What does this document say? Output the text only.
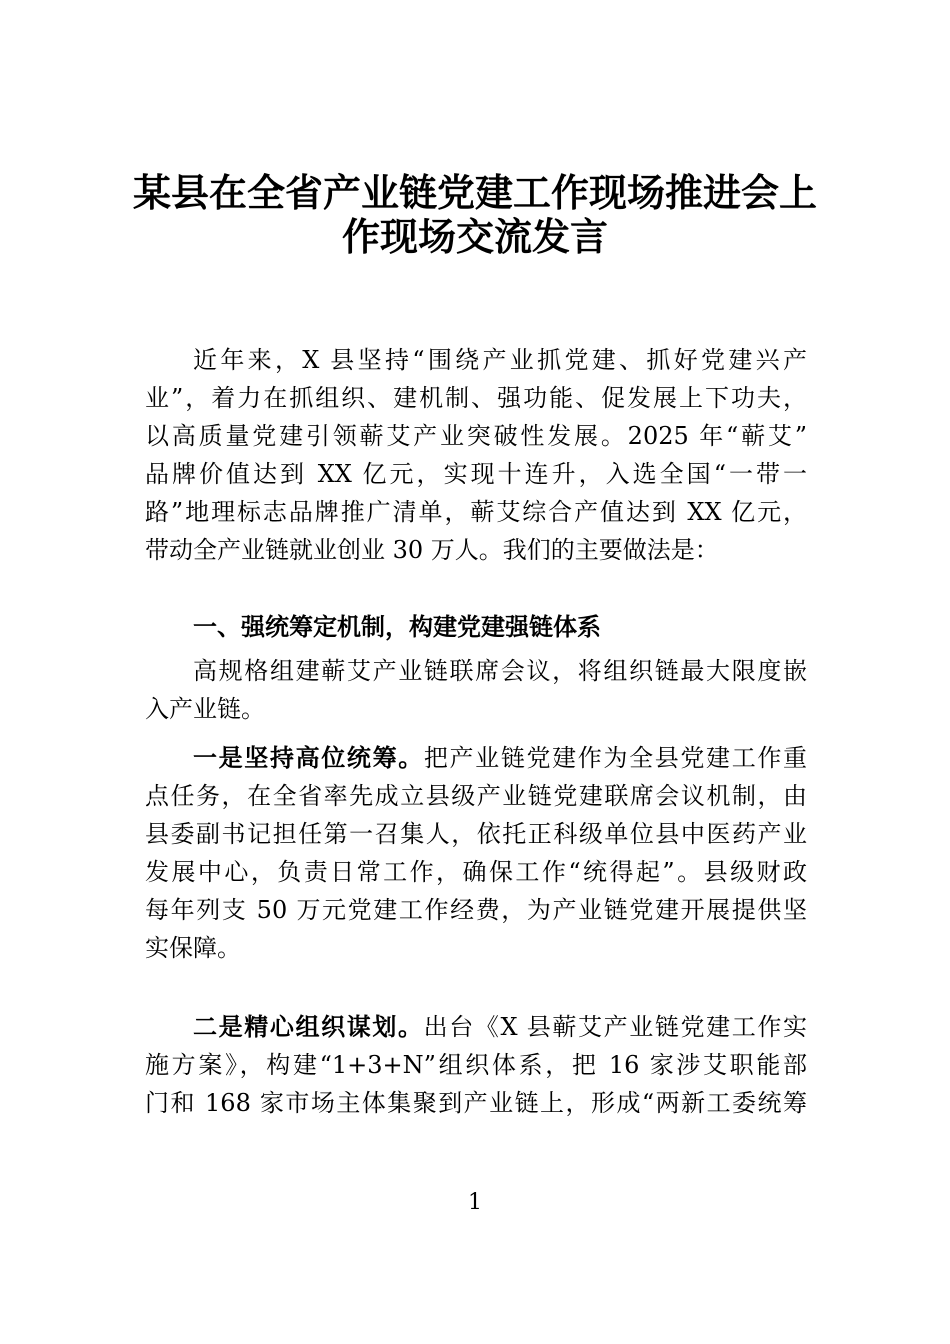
某县在全省产业链党建工作现场推进会上
作现场交流发言
近年来，X 县坚持“围绕产业抓党建、抓好党建兴产
业”，着力在抓组织、建机制、强功能、促发展上下功夫，
以高质量党建引领蕲艾产业突破性发展。2025 年“蕲艾”
品牌价值达到 XX 亿元，实现十连升，入选全国“一带一
路”地理标志品牌推广清单，蕲艾综合产值达到 XX 亿元，
带动全产业链就业创业 30 万人。我们的主要做法是：
一、强统筹定机制，构建党建强链体系
高规格组建蕲艾产业链联席会议，将组织链最大限度嵌
入产业链。
一是坚持高位统筹。把产业链党建作为全县党建工作重
点任务，在全省率先成立县级产业链党建联席会议机制，由
县委副书记担任第一召集人，依托正科级单位县中医药产业
发展中心，负责日常工作，确保工作“统得起”。县级财政
每年列支 50 万元党建工作经费，为产业链党建开展提供坚
实保障。
二是精心组织谋划。出台《X 县蕲艾产业链党建工作实
施方案》，构建“1+3+N”组织体系，把 16 家涉艾职能部
门和 168 家市场主体集聚到产业链上，形成“两新工委统筹
1
